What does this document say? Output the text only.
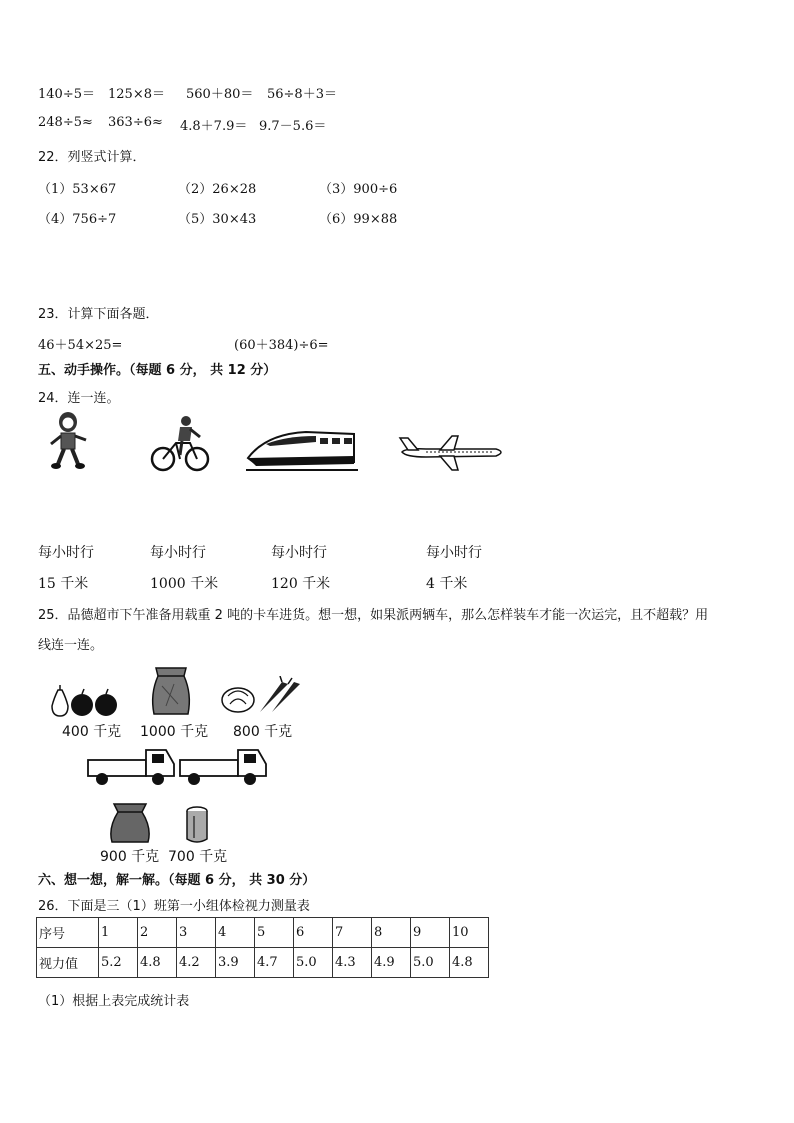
140÷5＝ 125×8＝ 560＋80＝ 56÷8＋3＝
248÷5≈ 363÷6≈ 4.8＋7.9＝ 9.7－5.6＝
22．列竖式计算．
（1）53×67	（2）26×28	（3）900÷6
（4）756÷7	（5）30×43	（6）99×88
23．计算下面各题．
46＋54×25=	(60＋384)÷6=
五、动手操作。（每题 6 分， 共 12 分）
24．连一连。
每小时行	每小时行	每小时行	每小时行
15 千米	1000 千米	120 千米	4 千米
25．品德超市下午准备用载重 2 吨的卡车进货。想一想，如果派两辆车，那么怎样装车才能一次运完，且不超载？用
线连一连。
400 千克 1000 千克 800 千克
900 千克 700 千克
六、想一想，解一解。（每题 6 分， 共 30 分）
26．下面是三（1）班第一小组体检视力测量表
序号	1	2	3	4	5	6	7	8	9	10
视力值	5.2	4.8	4.2	3.9	4.7	5.0	4.3	4.9	5.0	4.8
（1）根据上表完成统计表
